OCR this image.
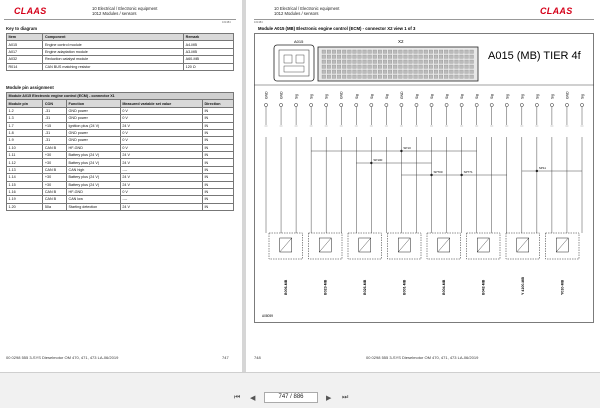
10 Electrical / Electronic equipment
1012 Modules / sensors
CLAAS
161384
Key to diagram
Item	Component	Remark
A015	Engine control module	A4-MB
A017	Engine adaptation module	A3-MB
A032	Reduction catalyst module	A60-MB
R014	CAN BUS matching resistor	120 Ω
Module pin assignment
Module A015 Electronic engine control (ECM) - connector X1				
Module pin	CON	Function	Measured variable set value	Direction
1.2	-31	GND power	0 V	IN
1.3	-31	GND power	0 V	IN
1.7	+15	Ignition plus (24 V)	24 V	IN
1.8	-31	GND power	0 V	IN
1.9	-31	GND power	0 V	IN
1.10	CAN B	HF-GND	0 V	IN
1.11	+30	Battery plus (24 V)	24 V	IN
1.12	+30	Battery plus (24 V)	24 V	IN
1.13	CAN B	CAN high	----	IN
1.14	+30	Battery plus (24 V)	24 V	IN
1.15	+30	Battery plus (24 V)	24 V	IN
1.16	CAN B	HF-GND	0 V	IN
1.19	CAN B	CAN low	----	IN
1.20	50a	Starting detection	24 V	IN
00 0298 555 3-SYS Dieselmotor OM 470, 471, 473 LA-06/2019	747
10 Electrical / Electronic equipment
1012 Modules / sensors	CLAAS
161384
Module A015 (MB) Electronic engine control (ECM) - connector X2 view 1 of 3
A015	X2
A015 (MB) TIER 4f
GND	GND	Sig	Sig	Sig	GND	Sig	Sig	Sig	GND	Sig	Sig	Sig	Sig	Sig	Sig	Sig	Sig	Sig	Sig	GND	Sig
SP10
SP100
SP700	SP771
SP11
B006-MB	B023-MB	B026-MB	B001-MB	B004-MB	B042-MB	Y 4100-MB	Y010-MB
A08059
748	00 0298 555 3-SYS Dieselmotor OM 470, 471, 473 LA-06/2019
⏮ ◀	747 / 886	▶ ⏭
